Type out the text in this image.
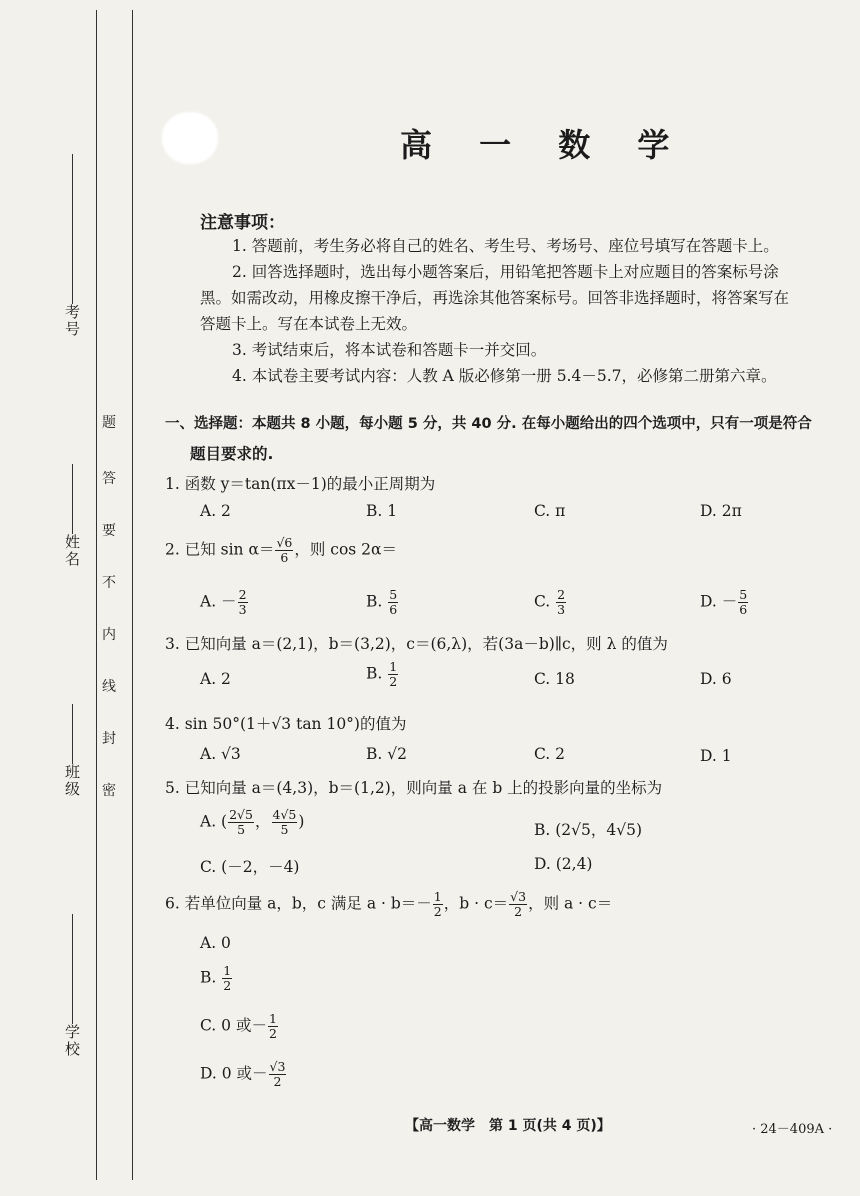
考号
姓名
班级
学校
题
答
要
不
内
线
封
密
高 一 数 学
注意事项：
1. 答题前，考生务必将自己的姓名、考生号、考场号、座位号填写在答题卡上。
2. 回答选择题时，选出每小题答案后，用铅笔把答题卡上对应题目的答案标号涂
黑。如需改动，用橡皮擦干净后，再选涂其他答案标号。回答非选择题时，将答案写在
答题卡上。写在本试卷上无效。
3. 考试结束后，将本试卷和答题卡一并交回。
4. 本试卷主要考试内容：人教 A 版必修第一册 5.4－5.7，必修第二册第六章。
一、选择题：本题共 8 小题，每小题 5 分，共 40 分. 在每小题给出的四个选项中，只有一项是符合
题目要求的.
1. 函数 y＝tan(πx－1)的最小正周期为
A. 2	B. 1	C. π	D. 2π
2. 已知 $\sin \alpha= \frac{√6}{6}$ ，则 cos 2α＝
A. － $\frac{2}{3}$	B. $\frac{5}{6}$	C. $\frac{2}{3}$	D. － $\frac{5}{6}$
3. 已知向量 a＝(2,1)，b＝(3,2)，c＝(6,λ)，若(3a－b)∥c，则 λ 的值为
A. 2	B. $\frac{1}{2}$	C. 18	D. 6
4. sin 50°(1＋√3 tan 10°)的值为
A. √3	B. √2	C. 2	D. 1
5. 已知向量 a＝(4,3)，b＝(1,2)，则向量 a 在 b 上的投影向量的坐标为
A. ( $\frac{2√5}{5}$ ， $\frac{4√5}{5}$ )	B. (2√5，4√5)
C. (－2，－4)	D. (2,4)
6. 若单位向量 a，b，c 满足 $a \cdot b=- \frac{1}{2}$ ，$b \cdot c= \frac{√3}{2}$ ，则 a · c＝
A. 0
B. $\frac{1}{2}$
C. 0 或－ $\frac{1}{2}$
D. 0 或－ $\frac{√3}{2}$
【高一数学　第 1 页(共 4 页)】	· 24－409A ·
